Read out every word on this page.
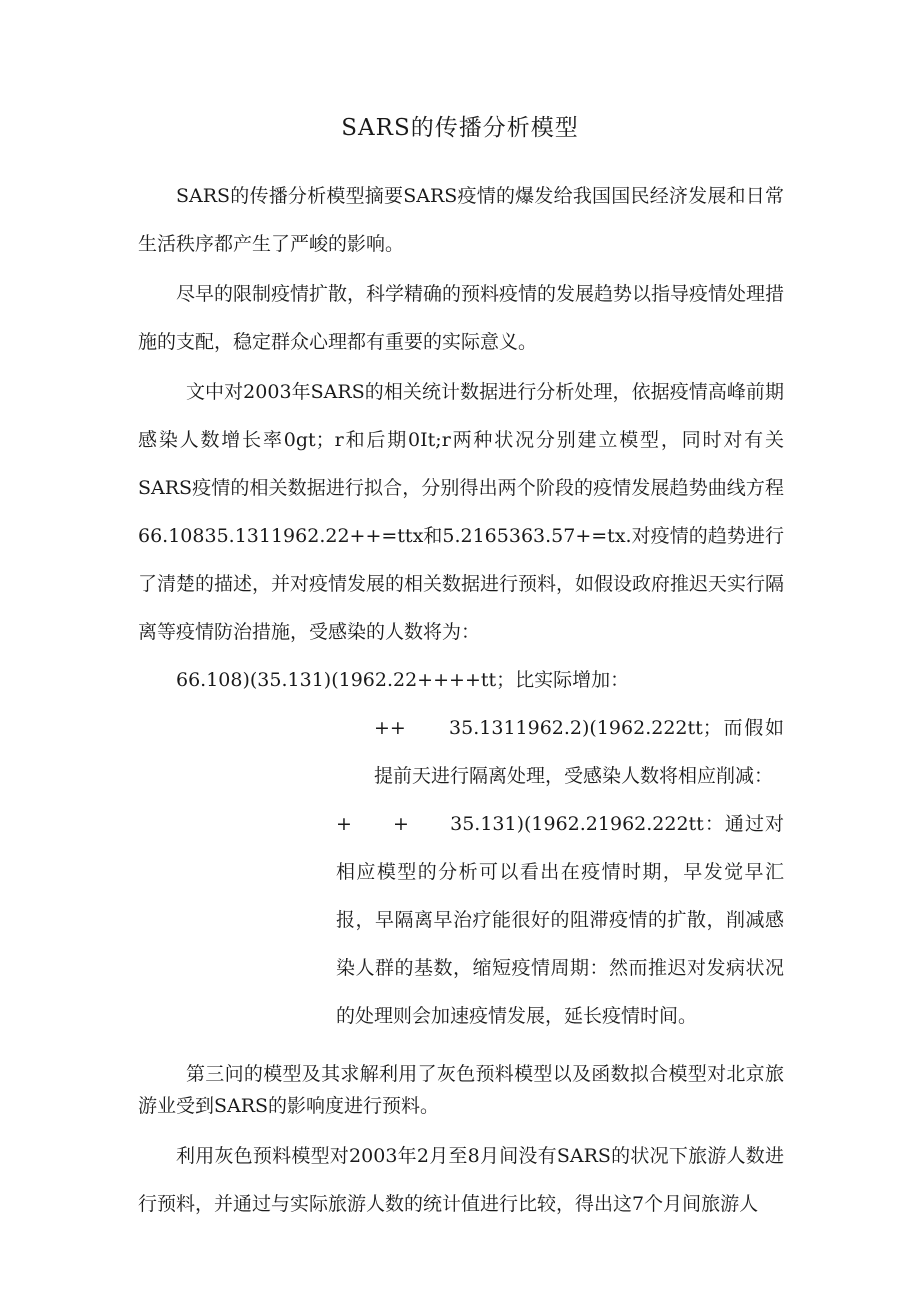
SARS的传播分析模型

SARS的传播分析模型摘要SARS疫情的爆发给我国国民经济发展和日常生活秩序都产生了严峻的影响。

尽早的限制疫情扩散，科学精确的预料疫情的发展趋势以指导疫情处理措施的支配，稳定群众心理都有重要的实际意义。

文中对2003年SARS的相关统计数据进行分析处理，依据疫情高峰前期感染人数增长率0gt；r和后期0It;r两种状况分别建立模型，同时对有关SARS疫情的相关数据进行拟合，分别得出两个阶段的疫情发展趋势曲线方程66.10835.1311962.22++=ttx和5.2165363.57+=tx.对疫情的趋势进行了清楚的描述，并对疫情发展的相关数据进行预料，如假设政府推迟天实行隔离等疫情防治措施，受感染的人数将为：

66.108)(35.131)(1962.22++++tt；比实际增加：

++　　35.1311962.2)(1962.222tt；而假如提前天进行隔离处理，受感染人数将相应削减：

+　　+　　35.131)(1962.21962.222tt：通过对相应模型的分析可以看出在疫情时期，早发觉早汇报，早隔离早治疗能很好的阻滞疫情的扩散，削减感染人群的基数，缩短疫情周期：然而推迟对发病状况的处理则会加速疫情发展，延长疫情时间。

第三问的模型及其求解利用了灰色预料模型以及函数拟合模型对北京旅游业受到SARS的影响度进行预料。

利用灰色预料模型对2003年2月至8月间没有SARS的状况下旅游人数进行预料，并通过与实际旅游人数的统计值进行比较，得出这7个月间旅游人
